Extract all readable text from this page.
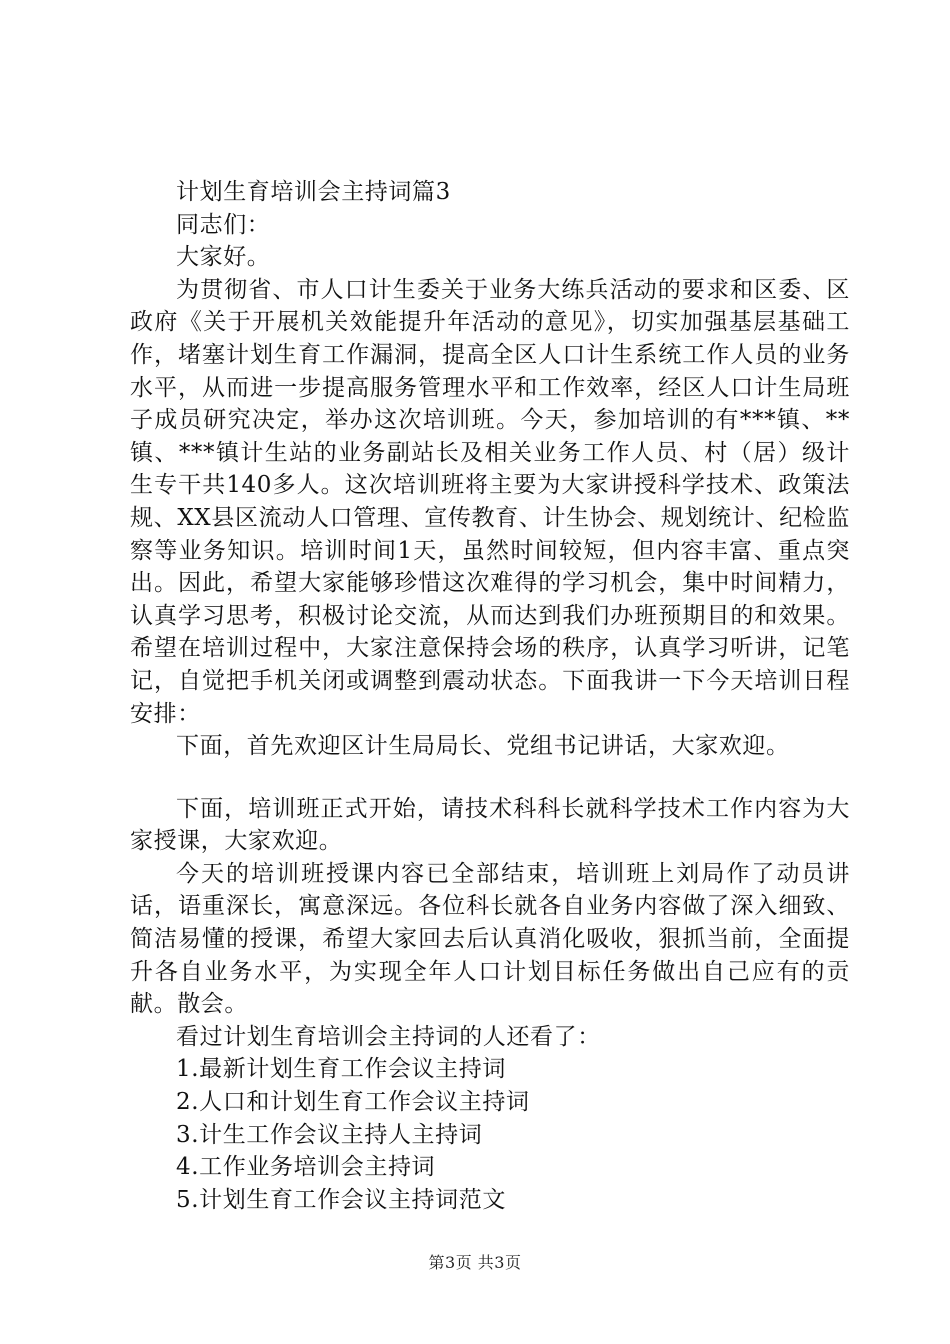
计划生育培训会主持词篇3

同志们：

大家好。

为贯彻省、市人口计生委关于业务大练兵活动的要求和区委、区政府《关于开展机关效能提升年活动的意见》，切实加强基层基础工作，堵塞计划生育工作漏洞，提高全区人口计生系统工作人员的业务水平，从而进一步提高服务管理水平和工作效率，经区人口计生局班子成员研究决定，举办这次培训班。今天，参加培训的有***镇、**镇、***镇计生站的业务副站长及相关业务工作人员、村（居）级计生专干共140多人。这次培训班将主要为大家讲授科学技术、政策法规、XX县区流动人口管理、宣传教育、计生协会、规划统计、纪检监察等业务知识。培训时间1天，虽然时间较短，但内容丰富、重点突出。因此，希望大家能够珍惜这次难得的学习机会，集中时间精力，认真学习思考，积极讨论交流，从而达到我们办班预期目的和效果。希望在培训过程中，大家注意保持会场的秩序，认真学习听讲，记笔记，自觉把手机关闭或调整到震动状态。下面我讲一下今天培训日程安排：

下面，首先欢迎区计生局局长、党组书记讲话，大家欢迎。

下面，培训班正式开始，请技术科科长就科学技术工作内容为大家授课，大家欢迎。

今天的培训班授课内容已全部结束，培训班上刘局作了动员讲话，语重深长，寓意深远。各位科长就各自业务内容做了深入细致、简洁易懂的授课，希望大家回去后认真消化吸收，狠抓当前，全面提升各自业务水平，为实现全年人口计划目标任务做出自己应有的贡献。散会。

看过计划生育培训会主持词的人还看了：

1.最新计划生育工作会议主持词

2.人口和计划生育工作会议主持词

3.计生工作会议主持人主持词

4.工作业务培训会主持词

5.计划生育工作会议主持词范文

第3页 共3页
